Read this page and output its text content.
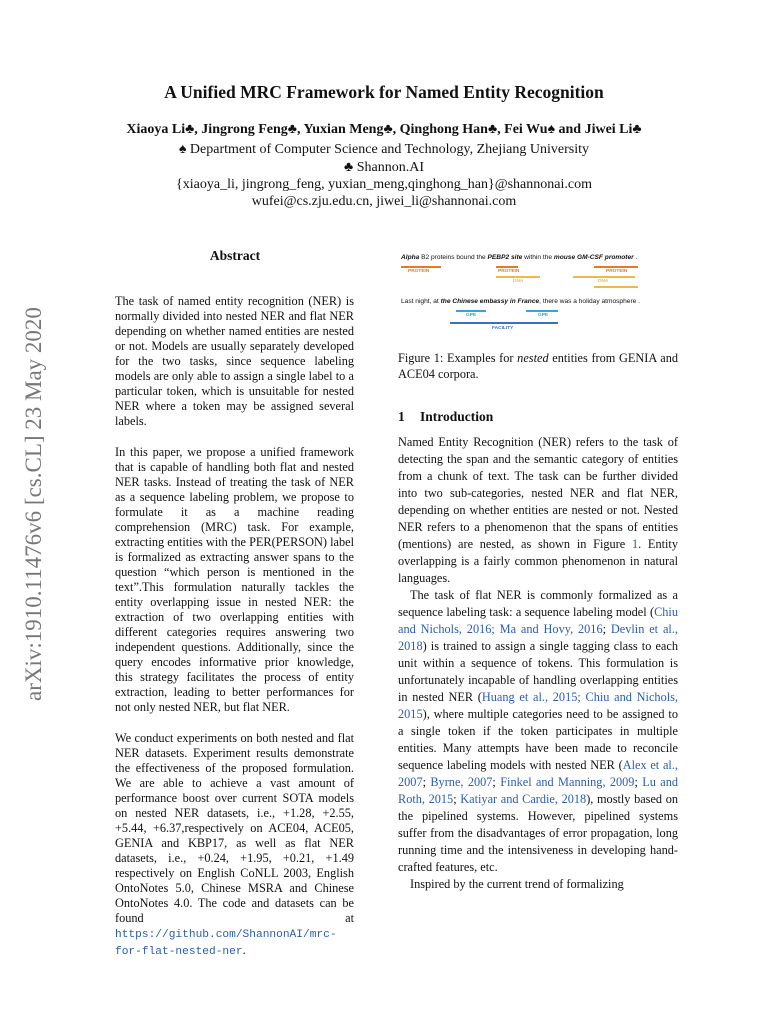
arXiv:1910.11476v6 [cs.CL] 23 May 2020
A Unified MRC Framework for Named Entity Recognition
Xiaoya Li♣, Jingrong Feng♣, Yuxian Meng♣, Qinghong Han♣, Fei Wu♠ and Jiwei Li♣
♠ Department of Computer Science and Technology, Zhejiang University
♣ Shannon.AI
{xiaoya_li, jingrong_feng, yuxian_meng,qinghong_han}@shannonai.com
wufei@cs.zju.edu.cn, jiwei_li@shannonai.com
Abstract

The task of named entity recognition (NER) is normally divided into nested NER and flat NER depending on whether named entities are nested or not. Models are usually separately developed for the two tasks, since sequence labeling models are only able to assign a single label to a particular token, which is unsuitable for nested NER where a token may be assigned several labels.

In this paper, we propose a unified framework that is capable of handling both flat and nested NER tasks. Instead of treating the task of NER as a sequence labeling problem, we propose to formulate it as a machine reading comprehension (MRC) task. For example, extracting entities with the PER(PERSON) label is formalized as extracting answer spans to the question “which person is mentioned in the text”.This formulation naturally tackles the entity overlapping issue in nested NER: the extraction of two overlapping entities with different categories requires answering two independent questions. Additionally, since the query encodes informative prior knowledge, this strategy facilitates the process of entity extraction, leading to better performances for not only nested NER, but flat NER.

We conduct experiments on both nested and flat NER datasets. Experiment results demonstrate the effectiveness of the proposed formulation. We are able to achieve a vast amount of performance boost over current SOTA models on nested NER datasets, i.e., +1.28, +2.55, +5.44, +6.37,respectively on ACE04, ACE05, GENIA and KBP17, as well as flat NER datasets, i.e., +0.24, +1.95, +0.21, +1.49 respectively on English CoNLL 2003, English OntoNotes 5.0, Chinese MSRA and Chinese OntoNotes 4.0. The code and datasets can be found at https://github.com/ShannonAI/mrc-for-flat-nested-ner.

Alpha B2 proteins bound the PEBP2 site within the mouse GM-CSF promoter .
PROTEIN	PROTEIN
DNA
PROTEIN
DNA
Last night, at the Chinese embassy in France, there was a holiday atmosphere .
GPE	GPE
FACILITY
Figure 1: Examples for nested entities from GENIA and ACE04 corpora.
1 Introduction

Named Entity Recognition (NER) refers to the task of detecting the span and the semantic category of entities from a chunk of text. The task can be further divided into two sub-categories, nested NER and flat NER, depending on whether entities are nested or not. Nested NER refers to a phenomenon that the spans of entities (mentions) are nested, as shown in Figure 1. Entity overlapping is a fairly common phenomenon in natural languages.

The task of flat NER is commonly formalized as a sequence labeling task: a sequence labeling model (Chiu and Nichols, 2016; Ma and Hovy, 2016; Devlin et al., 2018) is trained to assign a single tagging class to each unit within a sequence of tokens. This formulation is unfortunately incapable of handling overlapping entities in nested NER (Huang et al., 2015; Chiu and Nichols, 2015), where multiple categories need to be assigned to a single token if the token participates in multiple entities. Many attempts have been made to reconcile sequence labeling models with nested NER (Alex et al., 2007; Byrne, 2007; Finkel and Manning, 2009; Lu and Roth, 2015; Katiyar and Cardie, 2018), mostly based on the pipelined systems. However, pipelined systems suffer from the disadvantages of error propagation, long running time and the intensiveness in developing hand-crafted features, etc.

Inspired by the current trend of formalizing
